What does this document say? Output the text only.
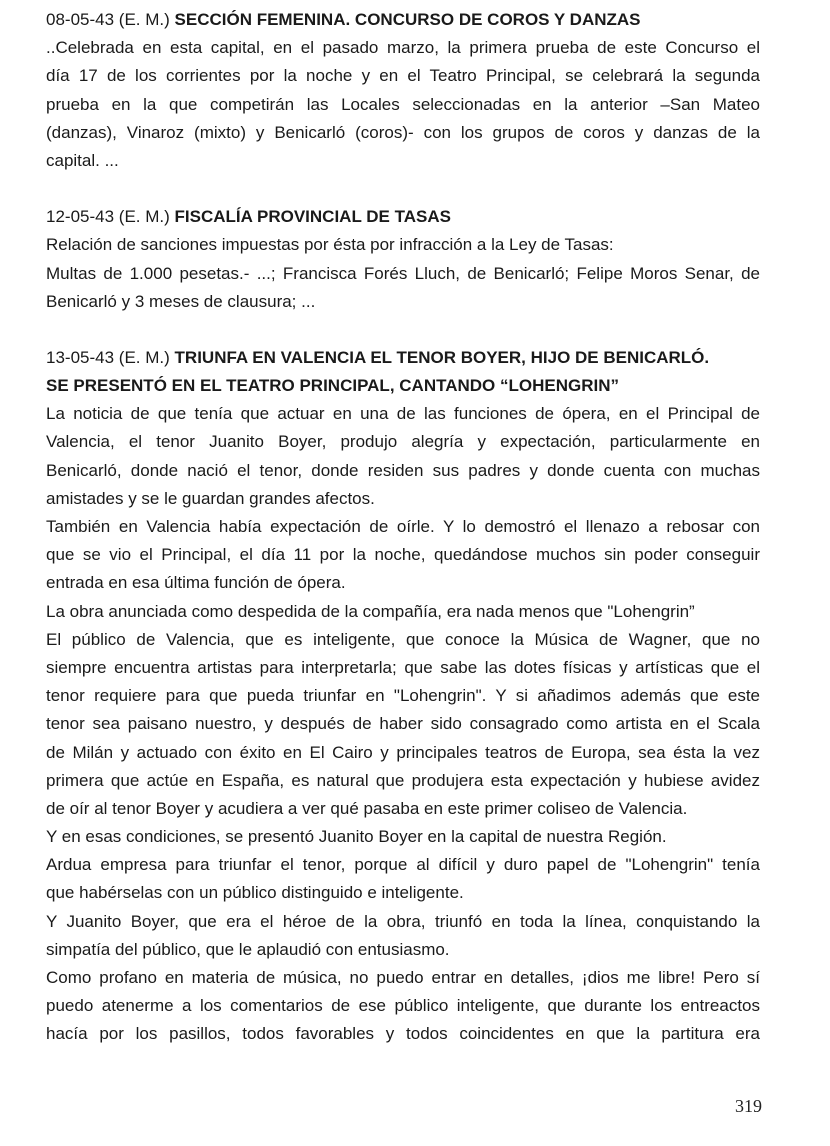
08-05-43 (E. M.) SECCIÓN FEMENINA. CONCURSO DE COROS Y DANZAS
..Celebrada en esta capital, en el pasado marzo, la primera prueba de este Concurso el
día 17 de los corrientes por la noche y en el Teatro Principal, se celebrará la segunda
prueba en la que competirán las Locales seleccionadas en la anterior –San Mateo
(danzas), Vinaroz (mixto) y Benicarló (coros)- con los grupos de coros y danzas de la
capital. ...
12-05-43 (E. M.) FISCALÍA PROVINCIAL DE TASAS
Relación de sanciones impuestas por ésta por infracción a la Ley de Tasas:
Multas de 1.000 pesetas.- ...; Francisca Forés Lluch, de Benicarló; Felipe Moros Senar, de
Benicarló y 3 meses de clausura; ...
13-05-43 (E. M.) TRIUNFA EN VALENCIA EL TENOR BOYER, HIJO DE BENICARLÓ.
SE PRESENTÓ EN EL TEATRO PRINCIPAL, CANTANDO “LOHENGRIN”
La noticia de que tenía que actuar en una de las funciones de ópera, en el Principal de
Valencia, el tenor Juanito Boyer, produjo alegría y expectación, particularmente en
Benicarló, donde nació el tenor, donde residen sus padres y donde cuenta con muchas
amistades y se le guardan grandes afectos.
También en Valencia había expectación de oírle. Y lo demostró el llenazo a rebosar con
que se vio el Principal, el día 11 por la noche, quedándose muchos sin poder conseguir
entrada en esa última función de ópera.
La obra anunciada como despedida de la compañía, era nada menos que "Lohengrin”
El público de Valencia, que es inteligente, que conoce la Música de Wagner, que no
siempre encuentra artistas para interpretarla; que sabe las dotes físicas y artísticas que el
tenor requiere para que pueda triunfar en "Lohengrin". Y si añadimos además que este
tenor sea paisano nuestro, y después de haber sido consagrado como artista en el Scala
de Milán y actuado con éxito en El Cairo y principales teatros de Europa, sea ésta la vez
primera que actúe en España, es natural que produjera esta expectación y hubiese avidez
de oír al tenor Boyer y acudiera a ver qué pasaba en este primer coliseo de Valencia.
Y en esas condiciones, se presentó Juanito Boyer en la capital de nuestra Región.
Ardua empresa para triunfar el tenor, porque al difícil y duro papel de "Lohengrin" tenía
que habérselas con un público distinguido e inteligente.
Y Juanito Boyer, que era el héroe de la obra, triunfó en toda la línea, conquistando la
simpatía del público, que le aplaudió con entusiasmo.
Como profano en materia de música, no puedo entrar en detalles, ¡dios me libre! Pero sí
puedo atenerme a los comentarios de ese público inteligente, que durante los entreactos
hacía por los pasillos, todos favorables y todos coincidentes en que la partitura era
319
